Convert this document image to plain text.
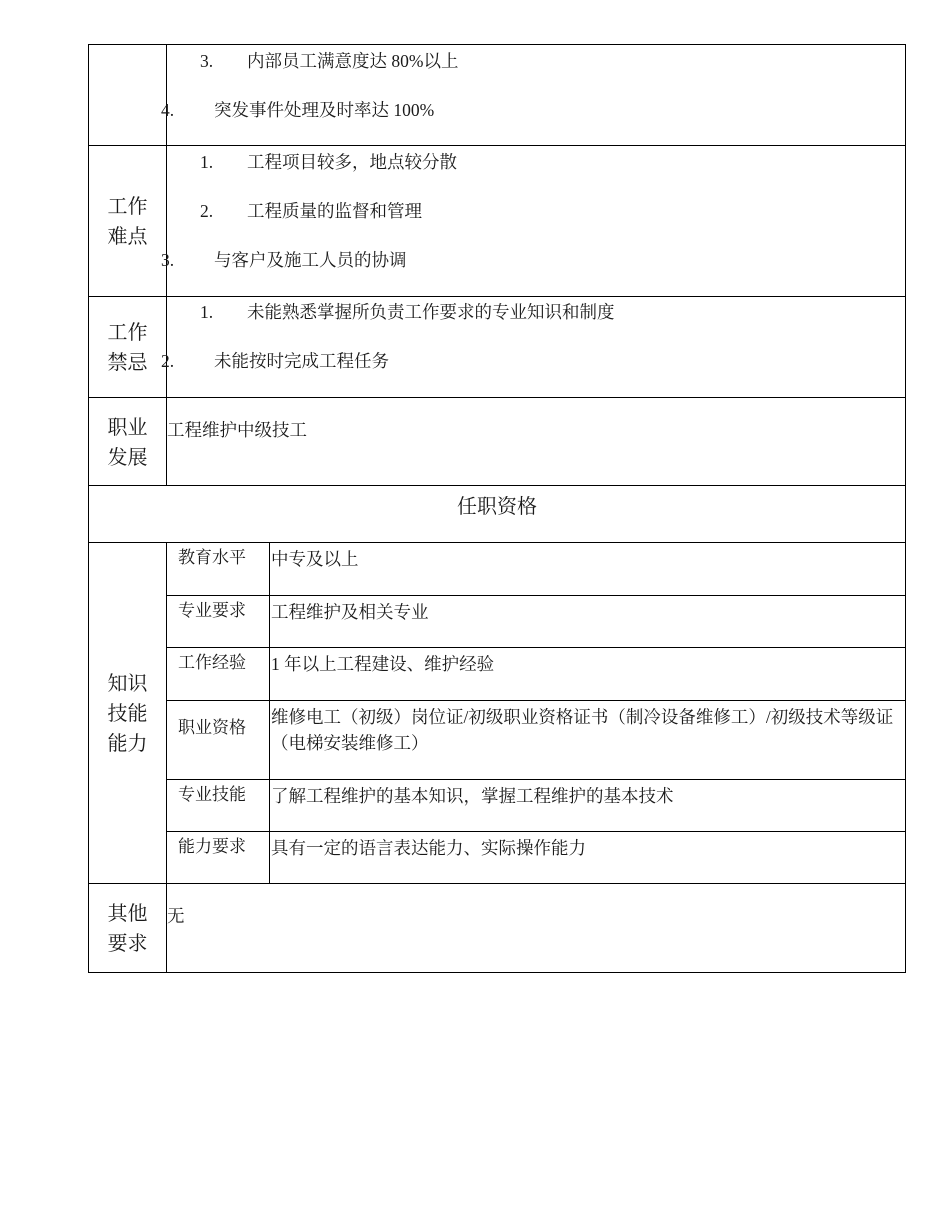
3. 内部员工满意度达 80%以上
4. 突发事件处理及时率达 100%
工作难点
1. 工程项目较多，地点较分散
2. 工程质量的监督和管理
3. 与客户及施工人员的协调
工作禁忌
1. 未能熟悉掌握所负责工作要求的专业知识和制度
2. 未能按时完成工程任务
职业发展
工程维护中级技工
任职资格
知识技能能力
教育水平 中专及以上
专业要求 工程维护及相关专业
工作经验 1 年以上工程建设、维护经验
职业资格
维修电工（初级）岗位证/初级职业资格证书（制冷设备维修工）/初级技术等级证（电梯安装维修工）
专业技能 了解工程维护的基本知识，掌握工程维护的基本技术
能力要求 具有一定的语言表达能力、实际操作能力
其他要求
无
